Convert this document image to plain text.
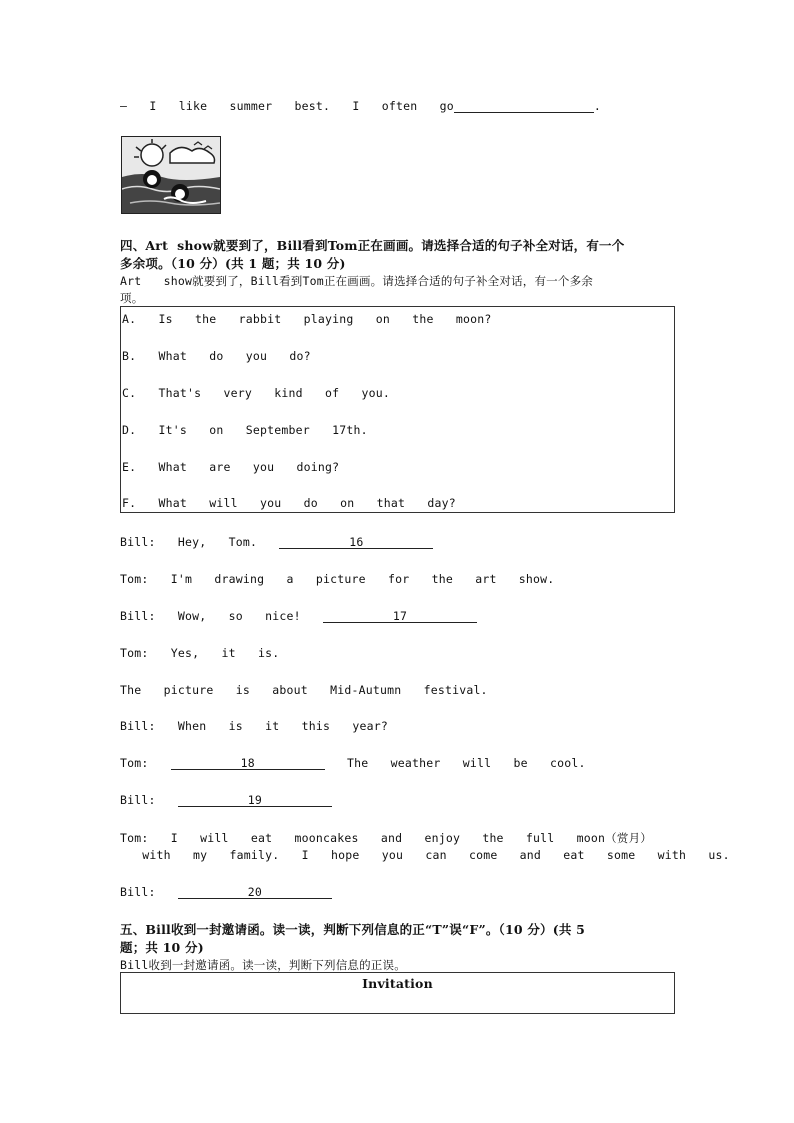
— I  like  summer  best.  I  often  go	.
四、Art  show就要到了，Bill看到Tom正在画画。请选择合适的句子补全对话，有一个
多余项。（10 分）(共 1 题；共 10 分)
Art  show就要到了，Bill看到Tom正在画画。请选择合适的句子补全对话，有一个多余
项。
A.  Is  the  rabbit  playing  on  the  moon?
B.  What  do  you  do?
C.  That's  very  kind  of  you.
D.  It's  on  September  17th.
E.  What  are  you  doing?
F.  What  will  you  do  on  that  day?
Bill:  Hey,  Tom.	16
Tom:  I'm  drawing  a  picture  for  the  art  show.
Bill:  Wow,  so  nice!	17
Tom:  Yes,  it  is.
The  picture  is  about  Mid-Autumn  festival.
Bill:  When  is  it  this  year?
Tom:	18	The  weather  will  be  cool.
Bill:	19
Tom:  I  will  eat  mooncakes  and  enjoy  the  full  moon（赏月）
with  my  family.  I  hope  you  can  come  and  eat  some  with  us.
Bill:	20
五、Bill收到一封邀请函。读一读，判断下列信息的正“T”误“F”。（10 分）(共 5
题；共 10 分)
Bill收到一封邀请函。读一读，判断下列信息的正误。
Invitation
